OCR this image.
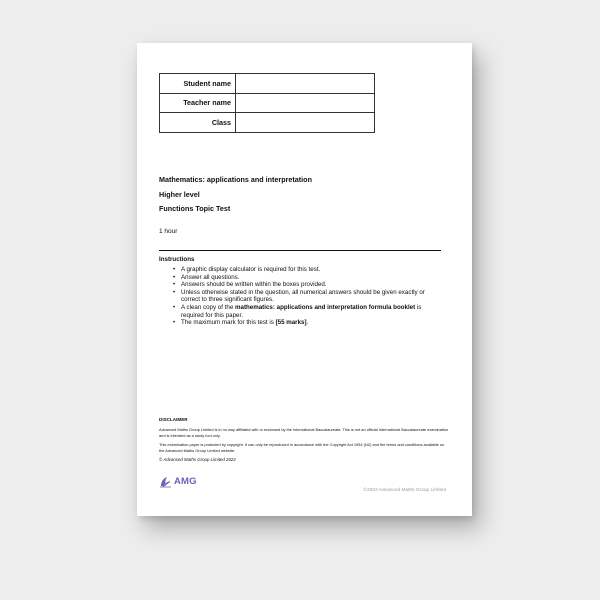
Student name	
Teacher name	
Class	
Mathematics: applications and interpretation
Higher level
Functions Topic Test
1 hour
Instructions
• A graphic display calculator is required for this test.
• Answer all questions.
• Answers should be written within the boxes provided.
• Unless otherwise stated in the question, all numerical answers should be given exactly or correct to three significant figures.
• A clean copy of the mathematics: applications and interpretation formula booklet is required for this paper.
• The maximum mark for this test is [55 marks].
DISCLAIMER

Advanced Maths Group Limited is in no way affiliated with or endorsed by the International Baccalaureate. This is not an official International Baccalaureate examination and is intended as a study tool only.

This examination paper is protected by copyright. It can only be reproduced in accordance with the Copyright Act 1994 (NZ) and the terms and conditions available on the Advanced Maths Group Limited website.

© Advanced Maths Group Limited 2022

AMG
©2022 Advanced Maths Group Limited
